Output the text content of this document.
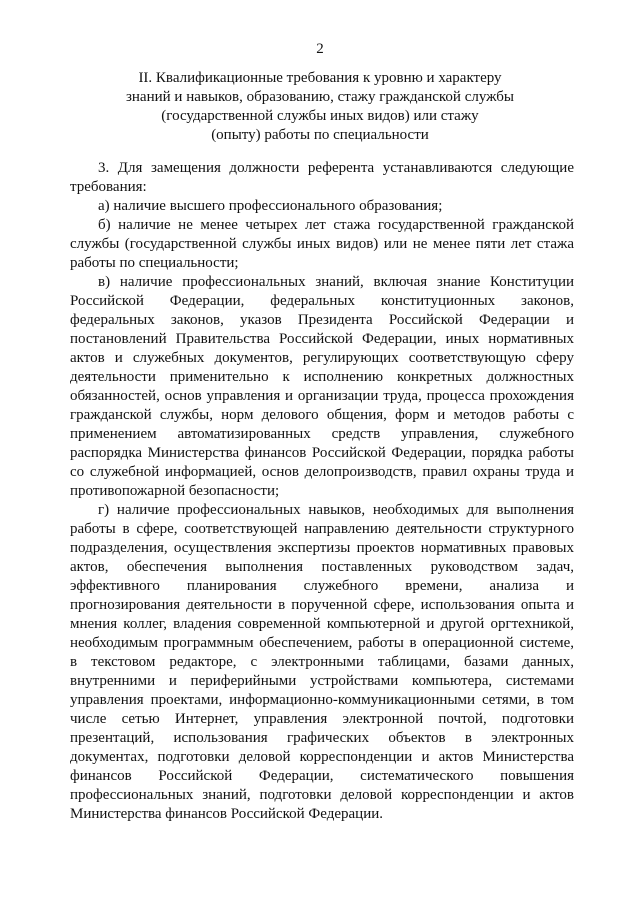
2
II. Квалификационные требования к уровню и характеру
знаний и навыков, образованию, стажу гражданской службы
(государственной службы иных видов) или стажу
(опыту) работы по специальности
3. Для замещения должности референта устанавливаются следующие
требования:
а) наличие высшего профессионального образования;
б) наличие не менее четырех лет стажа государственной гражданской
службы (государственной службы иных видов) или не менее пяти лет стажа
работы по специальности;
в) наличие профессиональных знаний, включая знание Конституции
Российской Федерации, федеральных конституционных законов,
федеральных законов, указов Президента Российской Федерации и
постановлений Правительства Российской Федерации, иных нормативных
актов и служебных документов, регулирующих соответствующую сферу
деятельности применительно к исполнению конкретных должностных
обязанностей, основ управления и организации труда, процесса прохождения
гражданской службы, норм делового общения, форм и методов работы с
применением автоматизированных средств управления, служебного
распорядка Министерства финансов Российской Федерации, порядка работы
со служебной информацией, основ делопроизводств, правил охраны труда и
противопожарной безопасности;
г) наличие профессиональных навыков, необходимых для выполнения
работы в сфере, соответствующей направлению деятельности структурного
подразделения, осуществления экспертизы проектов нормативных правовых
актов, обеспечения выполнения поставленных руководством задач,
эффективного планирования служебного времени, анализа и
прогнозирования деятельности в порученной сфере, использования опыта и
мнения коллег, владения современной компьютерной и другой оргтехникой,
необходимым программным обеспечением, работы в операционной системе,
в текстовом редакторе, с электронными таблицами, базами данных,
внутренними и периферийными устройствами компьютера, системами
управления проектами, информационно-коммуникационными сетями, в том
числе сетью Интернет, управления электронной почтой, подготовки
презентаций, использования графических объектов в электронных
документах, подготовки деловой корреспонденции и актов Министерства
финансов Российской Федерации, систематического повышения
профессиональных знаний, подготовки деловой корреспонденции и актов
Министерства финансов Российской Федерации.
